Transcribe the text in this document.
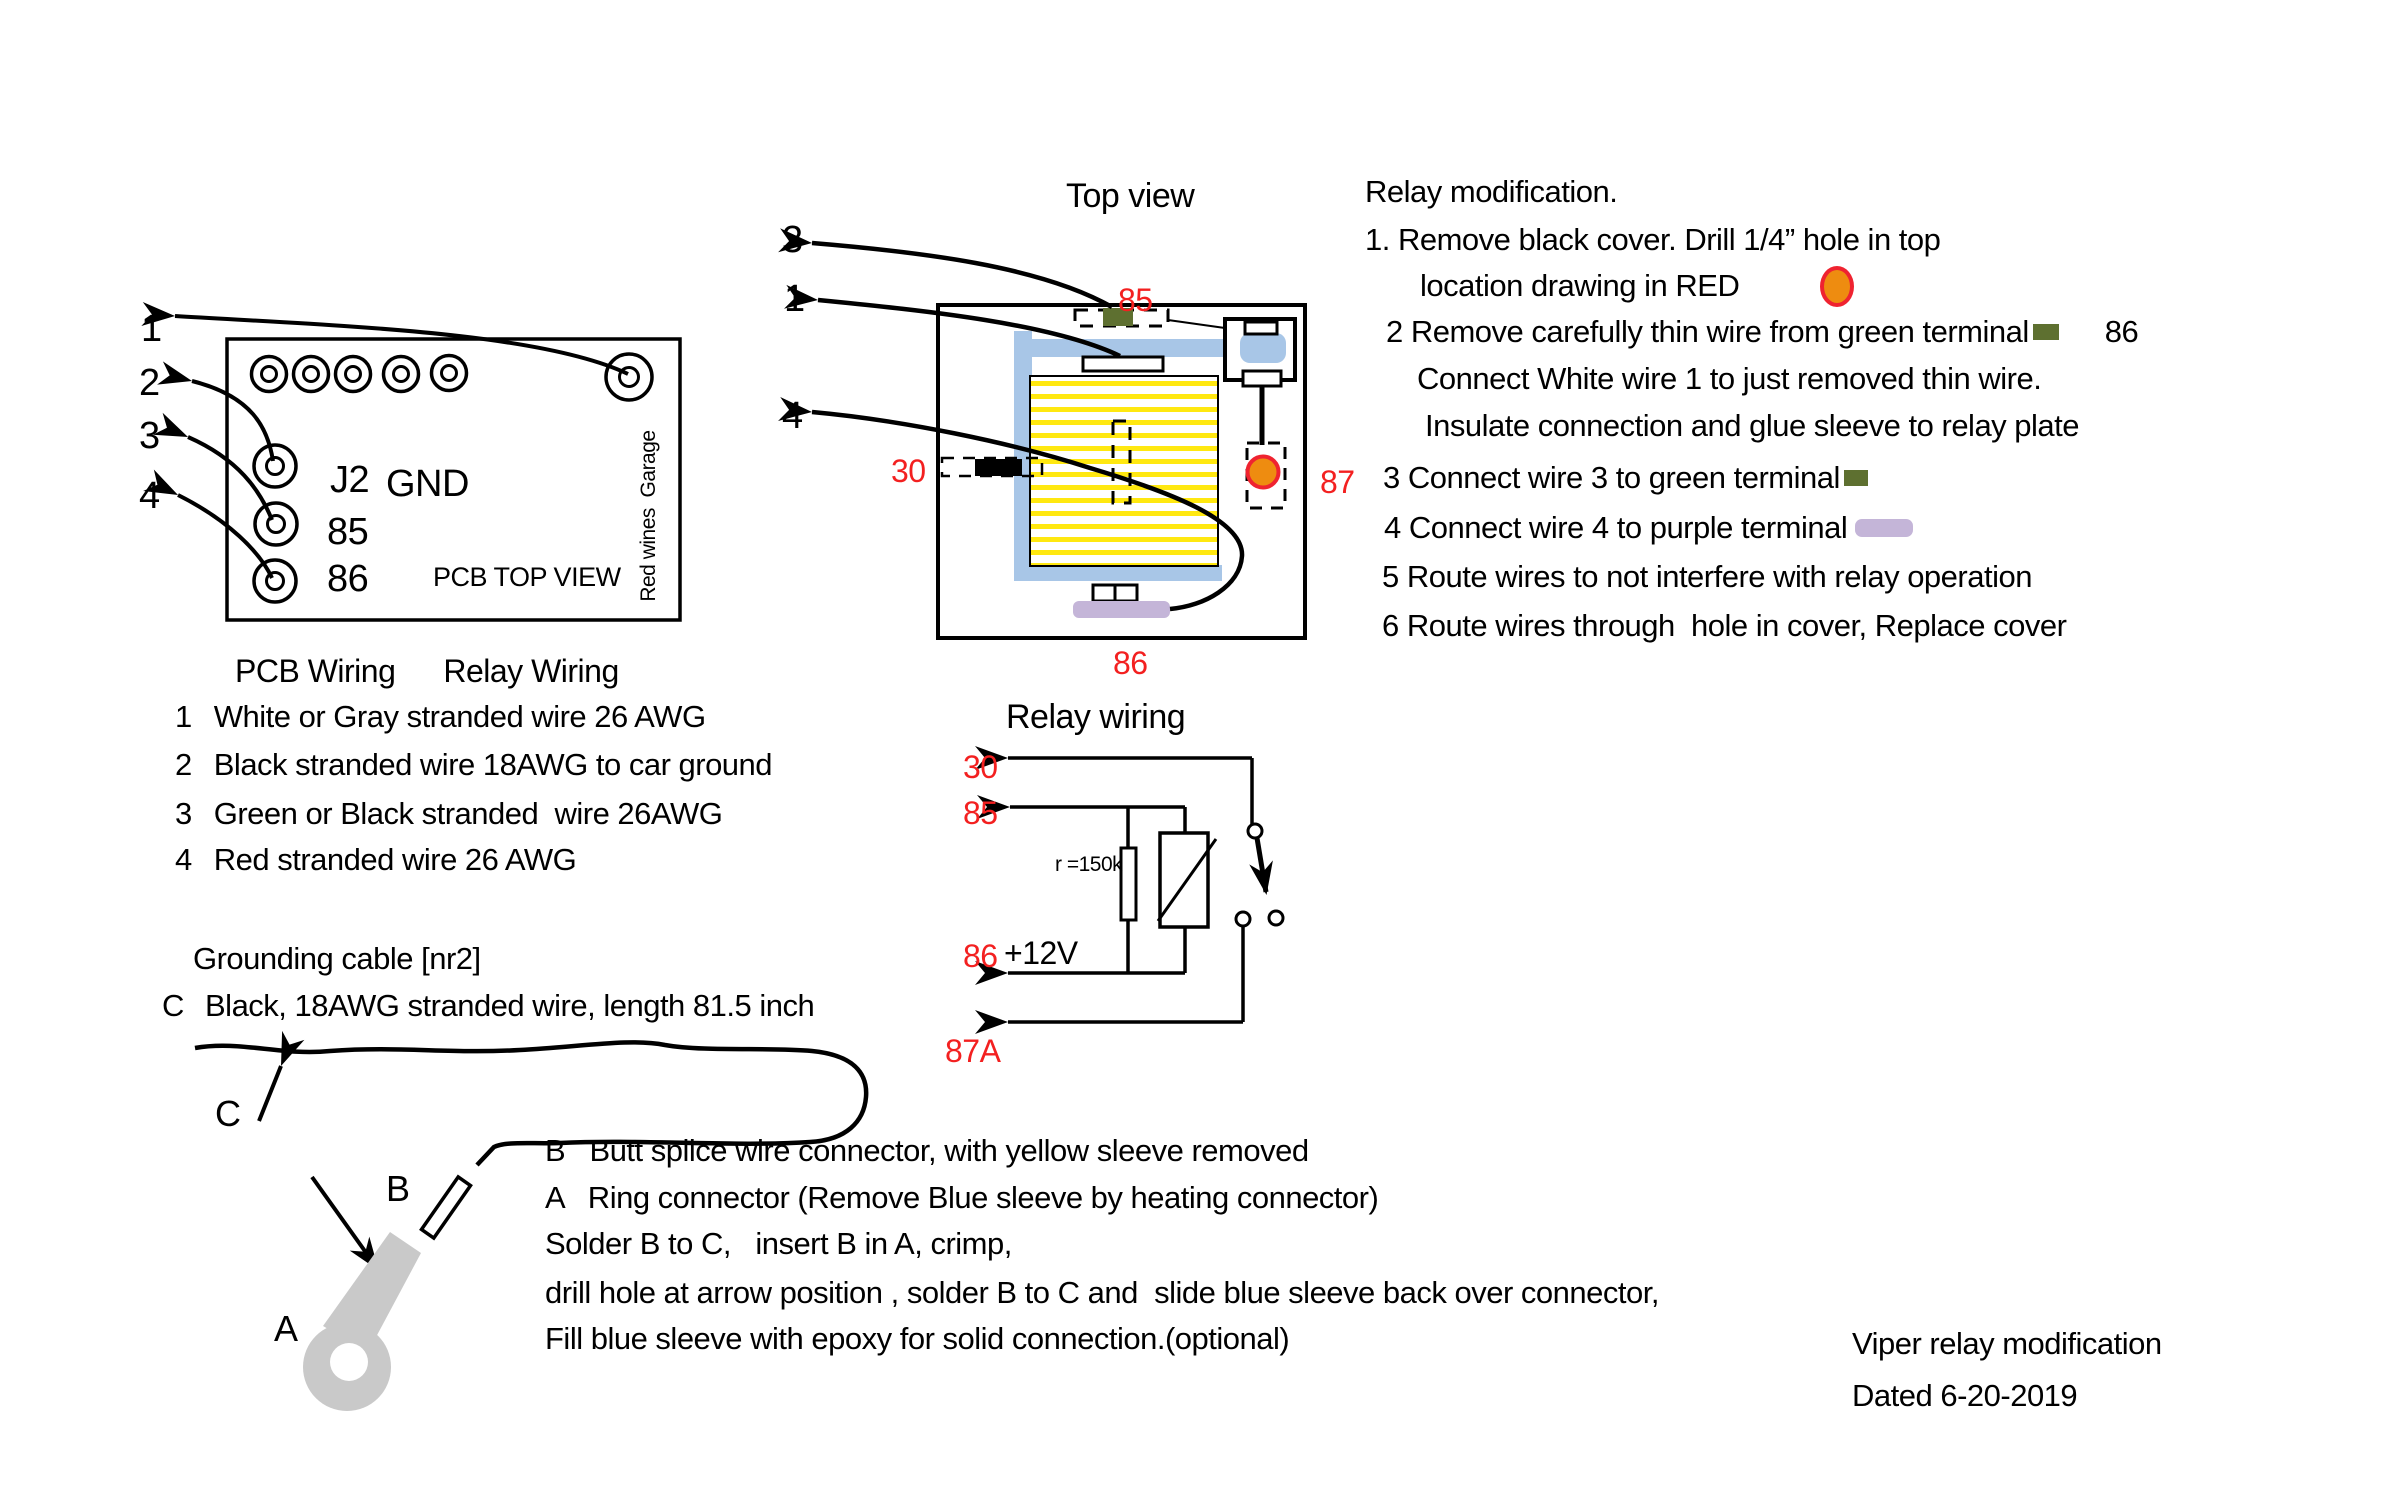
1
2
3
4	J2 GND
85
86 PCB TOP VIEW Red wines  Garage
Top view
3
1
4
85
30	87
86
Relay modification.
1. Remove black cover. Drill 1/4” hole in top
location drawing in RED
2 Remove carefully thin wire from green terminal 86
Connect White wire 1 to just removed thin wire.
Insulate connection and glue sleeve to relay plate
3 Connect wire 3 to green terminal
4 Connect wire 4 to purple terminal
5 Route wires to not interfere with relay operation
6 Route wires through  hole in cover, Replace cover
PCB Wiring Relay Wiring
1 White or Gray stranded wire 26 AWG
2 Black stranded wire 18AWG to car ground
3 Green or Black stranded  wire 26AWG
4 Red stranded wire 26 AWG
Relay wiring
30
85
86
87A
+12V
r =150k
Grounding cable [nr2]
C Black, 18AWG stranded wire, length 81.5 inch
C
B
A
B   Butt splice wire connector, with yellow sleeve removed
A   Ring connector (Remove Blue sleeve by heating connector)
Solder B to C,   insert B in A, crimp,
drill hole at arrow position , solder B to C and  slide blue sleeve back over connector,
Fill blue sleeve with epoxy for solid connection.(optional)	Viper relay modification
Dated 6-20-2019
